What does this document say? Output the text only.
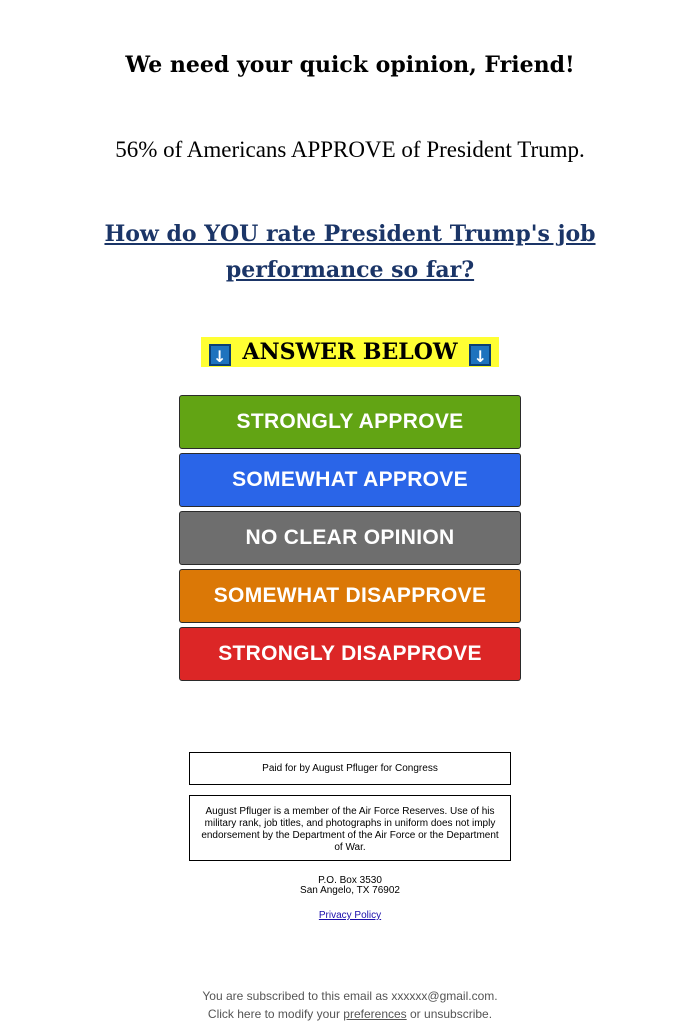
We need your quick opinion, Friend!
56% of Americans APPROVE of President Trump.
How do YOU rate President Trump's job performance so far?
↓ ANSWER BELOW ↓
STRONGLY APPROVE
SOMEWHAT APPROVE
NO CLEAR OPINION
SOMEWHAT DISAPPROVE
STRONGLY DISAPPROVE
Paid for by August Pfluger for Congress
August Pfluger is a member of the Air Force Reserves. Use of his military rank, job titles, and photographs in uniform does not imply endorsement by the Department of the Air Force or the Department of War.
P.O. Box 3530
San Angelo, TX 76902
Privacy Policy
You are subscribed to this email as xxxxxx@gmail.com.
Click here to modify your preferences or unsubscribe.
